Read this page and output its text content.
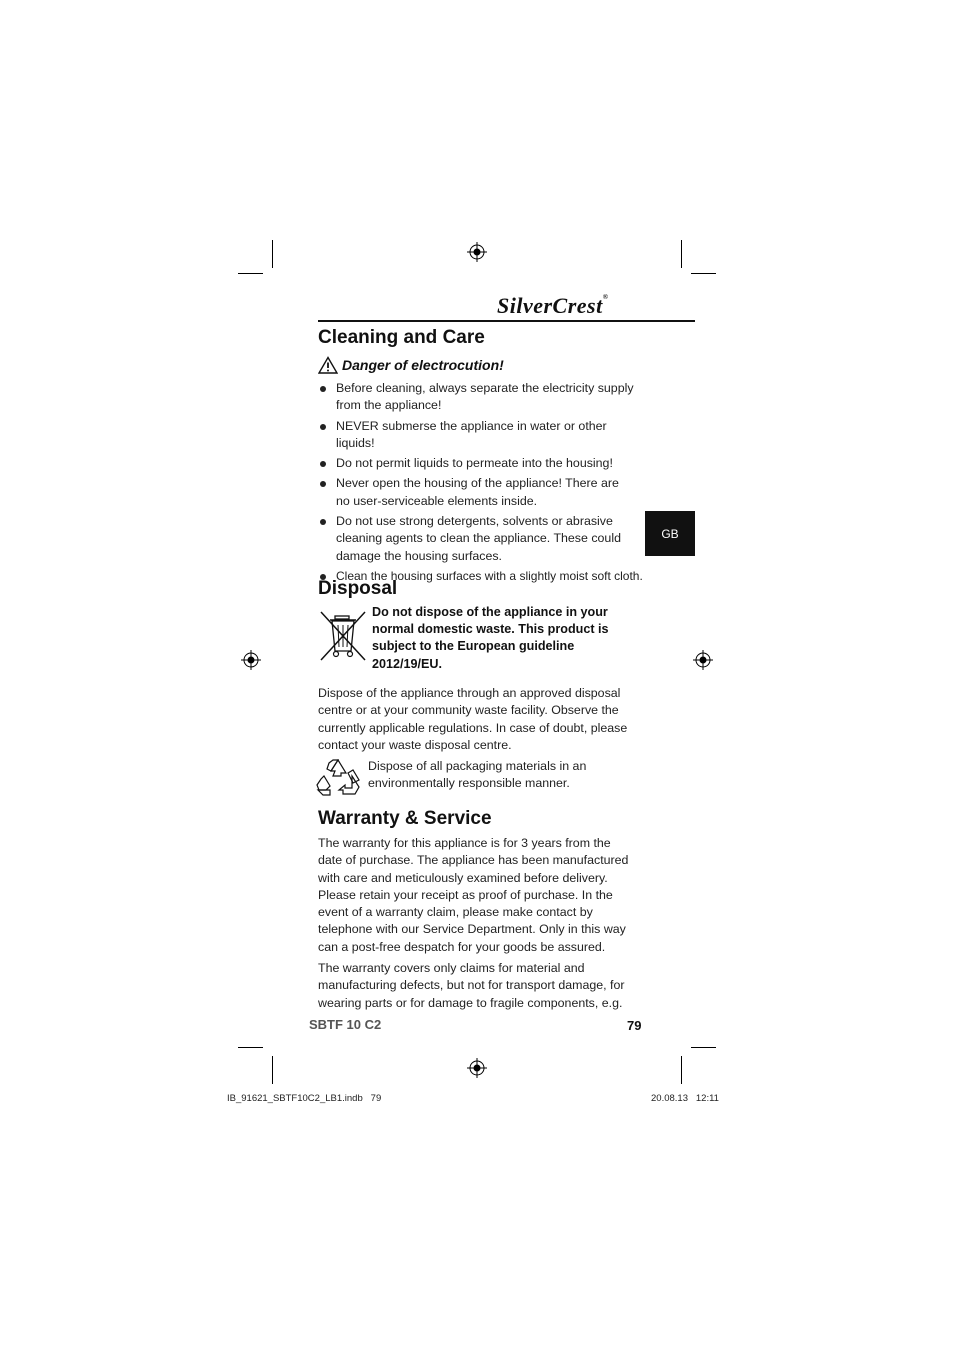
SilverCrest®
Cleaning and Care
Danger of electrocution!
Before cleaning, always separate the electricity supply from the appliance!
NEVER submerse the appliance in water or other liquids!
Do not permit liquids to permeate into the housing!
Never open the housing of the appliance! There are no user-serviceable elements inside.
Do not use strong detergents, solvents or abrasive cleaning agents to clean the appliance. These could damage the housing surfaces.
Clean the housing surfaces with a slightly moist soft cloth.
GB
Disposal

Do not dispose of the appliance in your normal domestic waste. This product is subject to the European guideline 2012/19/EU.

Dispose of the appliance through an approved disposal centre or at your community waste facility. Observe the currently applicable regulations. In case of doubt, please contact your waste disposal centre.

Dispose of all packaging materials in an environmentally responsible manner.

Warranty & Service

The warranty for this appliance is for 3 years from the date of purchase. The appliance has been manufactured with care and meticulously examined before delivery. Please retain your receipt as proof of purchase. In the event of a warranty claim, please make contact by telephone with our Service Department. Only in this way can a post-free despatch for your goods be assured.

The warranty covers only claims for material and manufacturing defects, but not for transport damage, for wearing parts or for damage to fragile components, e.g.

SBTF 10 C2	79
IB_91621_SBTF10C2_LB1.indb   79	20.08.13   12:11
